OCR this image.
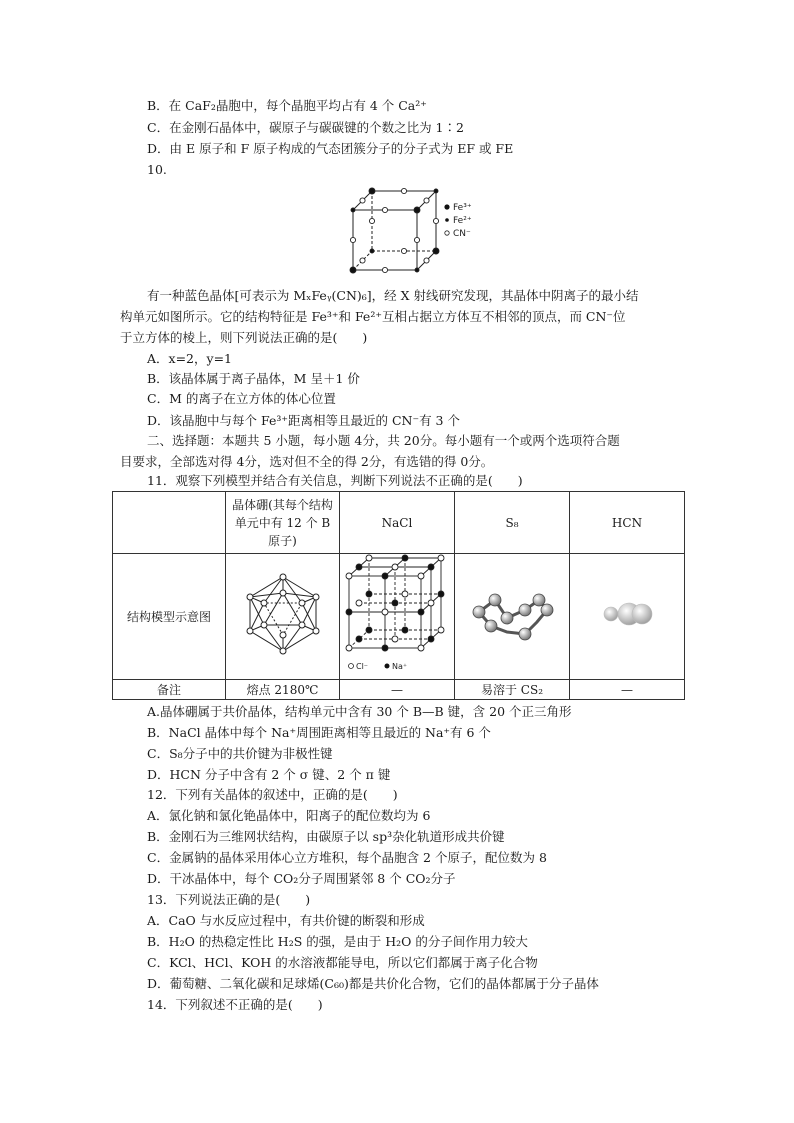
B．在 CaF₂晶胞中，每个晶胞平均占有 4 个 Ca²⁺
C．在金刚石晶体中，碳原子与碳碳键的个数之比为 1∶2
D．由 E 原子和 F 原子构成的气态团簇分子的分子式为 EF 或 FE
10.
Fe³⁺
Fe²⁺
CN⁻
有一种蓝色晶体[可表示为 MₓFeᵧ(CN)₆]，经 X 射线研究发现，其晶体中阴离子的最小结
构单元如图所示。它的结构特征是 Fe³⁺和 Fe²⁺互相占据立方体互不相邻的顶点，而 CN⁻位
于立方体的棱上，则下列说法正确的是(　　)
A．x=2，y=1
B．该晶体属于离子晶体，M 呈＋1 价
C．M 的离子在立方体的体心位置
D．该晶胞中与每个 Fe³⁺距离相等且最近的 CN⁻有 3 个
二、选择题：本题共 5 小题，每小题 4分，共 20分。每小题有一个或两个选项符合题
目要求，全部选对得 4分，选对但不全的得 2分，有选错的得 0分。
11．观察下列模型并结合有关信息，判断下列说法不正确的是(　　)
	晶体硼(其每个结构单元中有 12 个 B 原子)	NaCl	S₈	HCN
结构模型示意图		Cl⁻ Na⁺

备注	熔点 2180℃	—	易溶于 CS₂	—
A.晶体硼属于共价晶体，结构单元中含有 30 个 B—B 键，含 20 个正三角形
B．NaCl 晶体中每个 Na⁺周围距离相等且最近的 Na⁺有 6 个
C．S₈分子中的共价键为非极性键
D．HCN 分子中含有 2 个 σ 键、2 个 π 键
12．下列有关晶体的叙述中，正确的是(　　)
A．氯化钠和氯化铯晶体中，阳离子的配位数均为 6
B．金刚石为三维网状结构，由碳原子以 sp³杂化轨道形成共价键
C．金属钠的晶体采用体心立方堆积，每个晶胞含 2 个原子，配位数为 8
D．干冰晶体中，每个 CO₂分子周围紧邻 8 个 CO₂分子
13．下列说法正确的是(　　)
A．CaO 与水反应过程中，有共价键的断裂和形成
B．H₂O 的热稳定性比 H₂S 的强，是由于 H₂O 的分子间作用力较大
C．KCl、HCl、KOH 的水溶液都能导电，所以它们都属于离子化合物
D．葡萄糖、二氧化碳和足球烯(C₆₀)都是共价化合物，它们的晶体都属于分子晶体
14．下列叙述不正确的是(　　)
